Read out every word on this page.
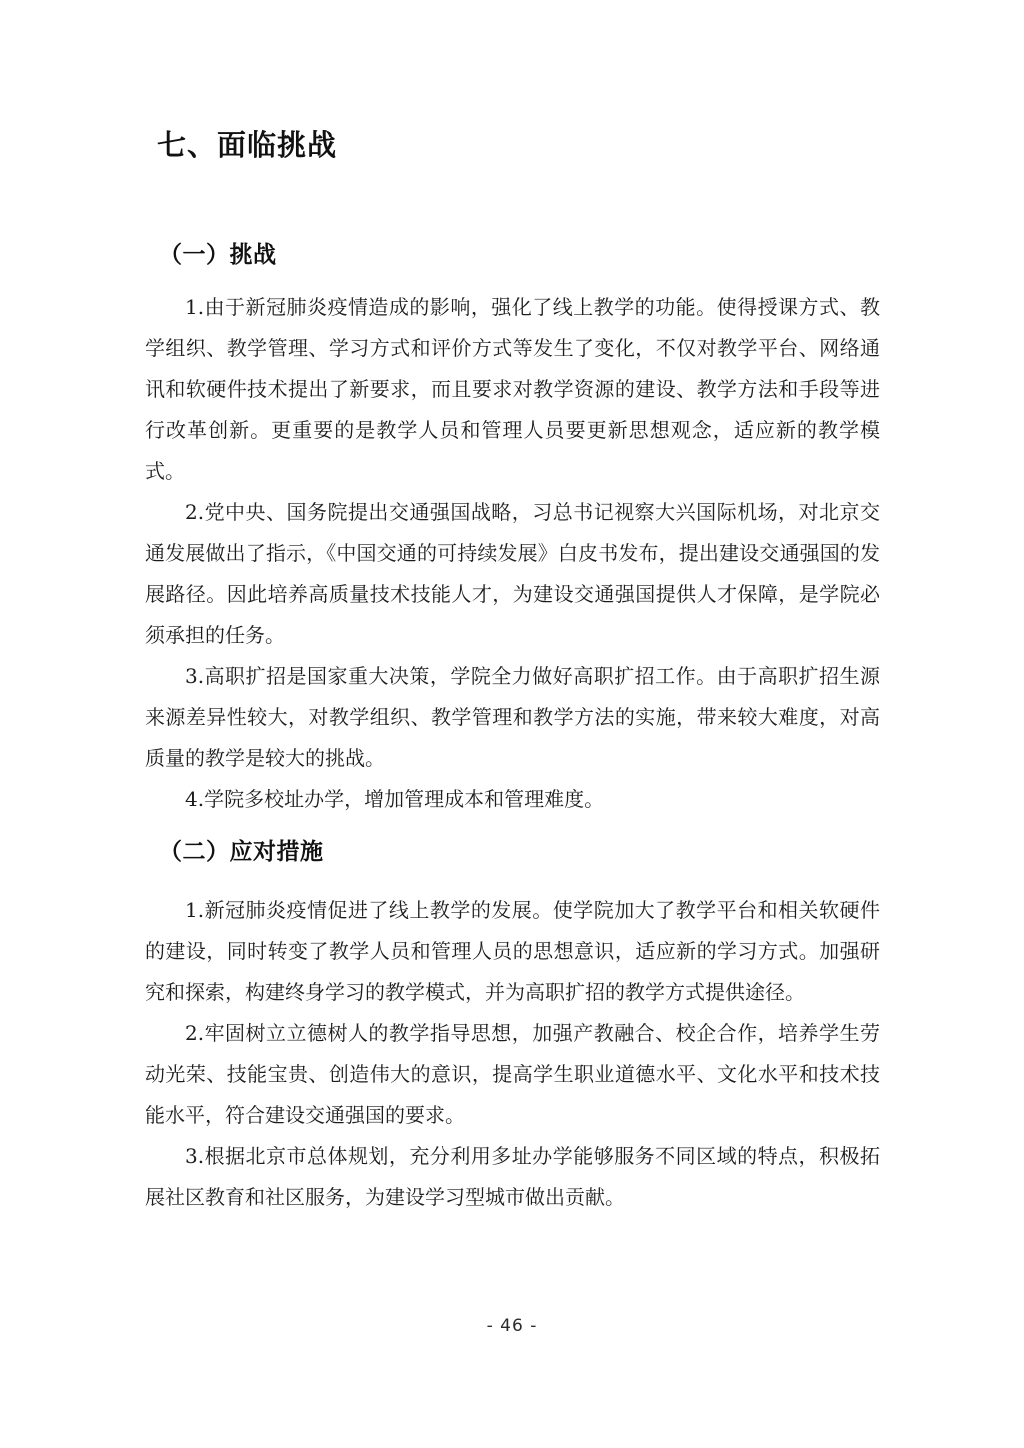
七、面临挑战
（一）挑战

1.由于新冠肺炎疫情造成的影响，强化了线上教学的功能。使得授课方式、教学组织、教学管理、学习方式和评价方式等发生了变化，不仅对教学平台、网络通讯和软硬件技术提出了新要求，而且要求对教学资源的建设、教学方法和手段等进行改革创新。更重要的是教学人员和管理人员要更新思想观念，适应新的教学模式。

2.党中央、国务院提出交通强国战略，习总书记视察大兴国际机场，对北京交通发展做出了指示，《中国交通的可持续发展》白皮书发布，提出建设交通强国的发展路径。因此培养高质量技术技能人才，为建设交通强国提供人才保障，是学院必须承担的任务。

3.高职扩招是国家重大决策，学院全力做好高职扩招工作。由于高职扩招生源来源差异性较大，对教学组织、教学管理和教学方法的实施，带来较大难度，对高质量的教学是较大的挑战。

4.学院多校址办学，增加管理成本和管理难度。

（二）应对措施

1.新冠肺炎疫情促进了线上教学的发展。使学院加大了教学平台和相关软硬件的建设，同时转变了教学人员和管理人员的思想意识，适应新的学习方式。加强研究和探索，构建终身学习的教学模式，并为高职扩招的教学方式提供途径。

2.牢固树立立德树人的教学指导思想，加强产教融合、校企合作，培养学生劳动光荣、技能宝贵、创造伟大的意识，提高学生职业道德水平、文化水平和技术技能水平，符合建设交通强国的要求。

3.根据北京市总体规划，充分利用多址办学能够服务不同区域的特点，积极拓展社区教育和社区服务，为建设学习型城市做出贡献。

- 46 -
